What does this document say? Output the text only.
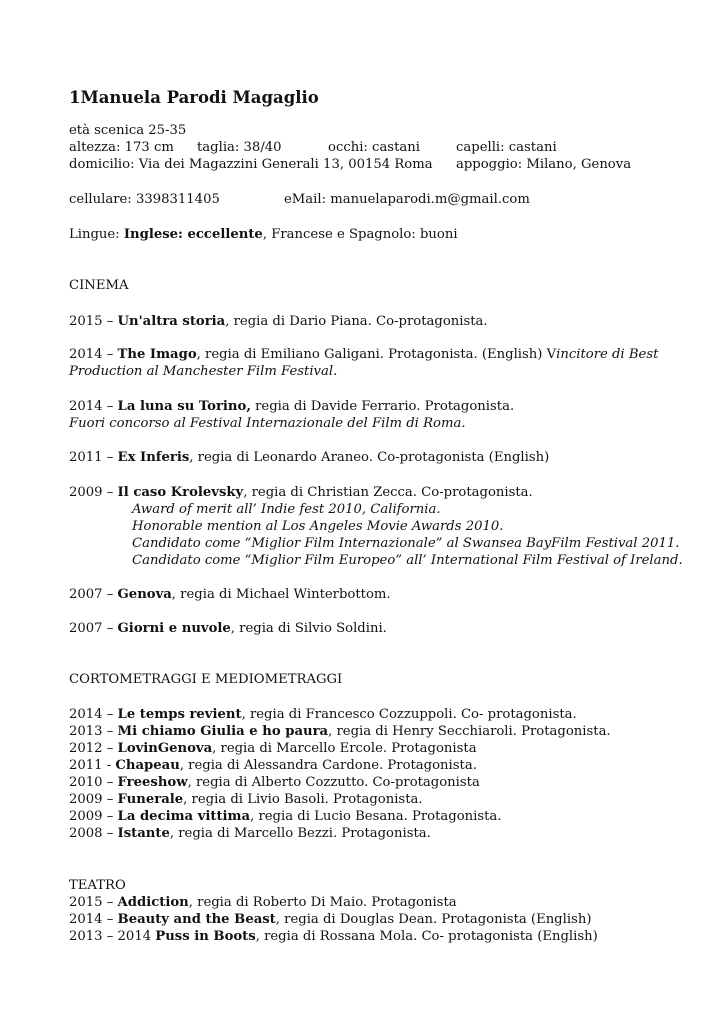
1Manuela Parodi Magaglio
età scenica 25-35
altezza: 173 cm taglia: 38/40	occhi: castani	capelli: castani
domicilio: Via dei Magazzini Generali 13, 00154 Roma appoggio: Milano, Genova
cellulare: 3398311405	eMail: manuelaparodi.m@gmail.com
Lingue: Inglese: eccellente, Francese e Spagnolo: buoni
CINEMA
2015 – Un'altra storia, regia di Dario Piana. Co-protagonista.
2014 – The Imago, regia di Emiliano Galigani. Protagonista. (English) Vincitore di Best
Production al Manchester Film Festival.
2014 – La luna su Torino, regia di Davide Ferrario. Protagonista.
Fuori concorso al Festival Internazionale del Film di Roma.
2011 – Ex Inferis, regia di Leonardo Araneo. Co-protagonista (English)
2009 – Il caso Krolevsky, regia di Christian Zecca. Co-protagonista.
Award of merit all’ Indie fest 2010, California.
Honorable mention al Los Angeles Movie Awards 2010.
Candidato come “Miglior Film Internazionale” al Swansea BayFilm Festival 2011.
Candidato come “Miglior Film Europeo” all’ International Film Festival of Ireland.
2007 – Genova, regia di Michael Winterbottom.
2007 – Giorni e nuvole, regia di Silvio Soldini.
CORTOMETRAGGI E MEDIOMETRAGGI
2014 – Le temps revient, regia di Francesco Cozzuppoli. Co- protagonista.
2013 – Mi chiamo Giulia e ho paura, regia di Henry Secchiaroli. Protagonista.
2012 – LovinGenova, regia di Marcello Ercole. Protagonista
2011 - Chapeau, regia di Alessandra Cardone. Protagonista.
2010 – Freeshow, regia di Alberto Cozzutto. Co-protagonista
2009 – Funerale, regia di Livio Basoli. Protagonista.
2009 – La decima vittima, regia di Lucio Besana. Protagonista.
2008 – Istante, regia di Marcello Bezzi. Protagonista.
TEATRO
2015 – Addiction, regia di Roberto Di Maio. Protagonista
2014 – Beauty and the Beast, regia di Douglas Dean. Protagonista (English)
2013 – 2014 Puss in Boots, regia di Rossana Mola. Co- protagonista (English)
